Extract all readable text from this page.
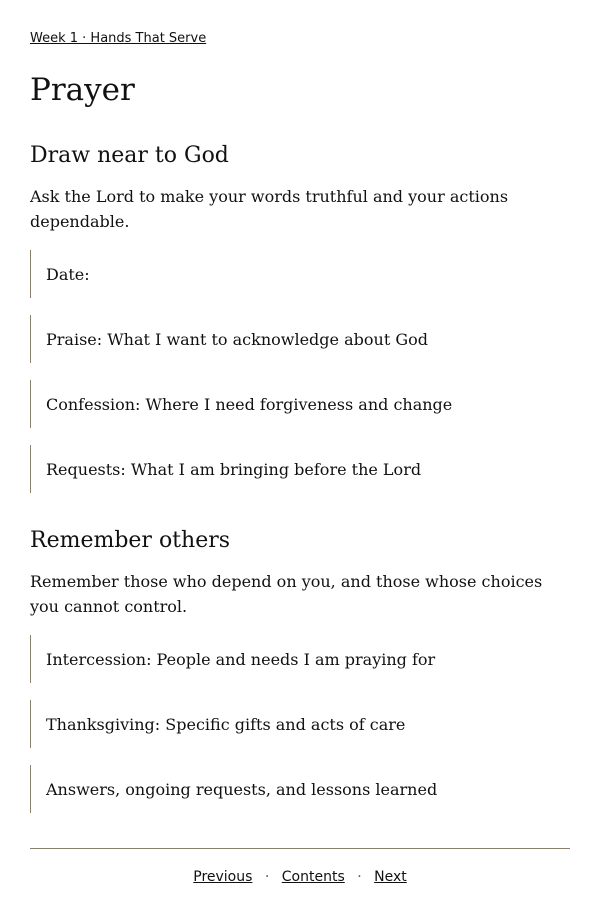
Week 1 · Hands That Serve
Prayer
Draw near to God

Ask the Lord to make your words truthful and your actions dependable.

Date:
Praise: What I want to acknowledge about God
Confession: Where I need forgiveness and change
Requests: What I am bringing before the Lord
Remember others

Remember those who depend on you, and those whose choices you cannot control.

Intercession: People and needs I am praying for
Thanksgiving: Specific gifts and acts of care
Answers, ongoing requests, and lessons learned
Previous · Contents · Next
